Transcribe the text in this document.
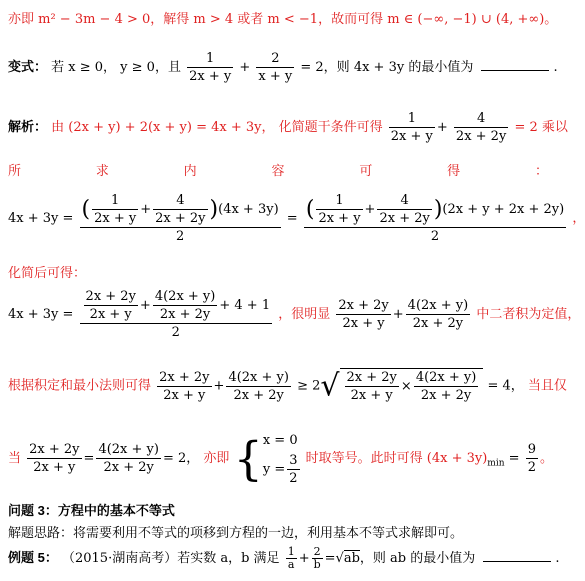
亦即 m² − 3m − 4 > 0，解得 m > 4 或者 m < −1，故而可得 m ∈ (−∞, −1) ∪ (4, +∞)。
变式： 若 x ≥ 0， y ≥ 0，且 $\frac{1}{2x + y} + \frac{2}{x + y} = 2$，则 4x + 3y 的最小值为	.
解析： 由 (2x + y) + 2(x + y) = 4x + 3y， 化简题干条件可得 $\frac{1}{2x + y} + \frac{4}{2x + 2y} = 2$ 乘以
所	求	内	容	可	得	：
$4x + 3y = \frac{( \frac{1}{2x + y} + \frac{4}{2x + 2y} )(4x + 3y)}{2} = \frac{( \frac{1}{2x + y} + \frac{4}{2x + 2y} )(2x + y + 2x + 2y)}{2}$ ，
化简后可得：
$4x + 3y = \frac{\frac{2x + 2y}{2x + y} + \frac{4(2x + y)}{2x + 2y} + 4 + 1}{2}$ ，很明显 $\frac{2x + 2y}{2x + y} + \frac{4(2x + y)}{2x + 2y}$ 中二者积为定值，
根据积定和最小法则可得 $\frac{2x + 2y}{2x + y} + \frac{4(2x + y)}{2x + 2y} \ge 2√ \frac{2x + 2y}{2x + y} \times \frac{4(2x + y)}{2x + 2y} = 4$， 当且仅
当 $\frac{2x + 2y}{2x + y} = \frac{4(2x + y)}{2x + 2y} = 2$， 亦即 { x = 0
$y = \frac{3}{2}$ 时取等号。此时可得 $(4x + 3y)_{min} = \frac{9}{2}$ 。
问题 3：方程中的基本不等式
解题思路：将需要利用不等式的项移到方程的一边，利用基本不等式求解即可。
例题 5： （2015·湖南高考）若实数 a，b 满足 $\frac{1}{a} + \frac{2}{b} =√ab$，则 ab 的最小值为	.
